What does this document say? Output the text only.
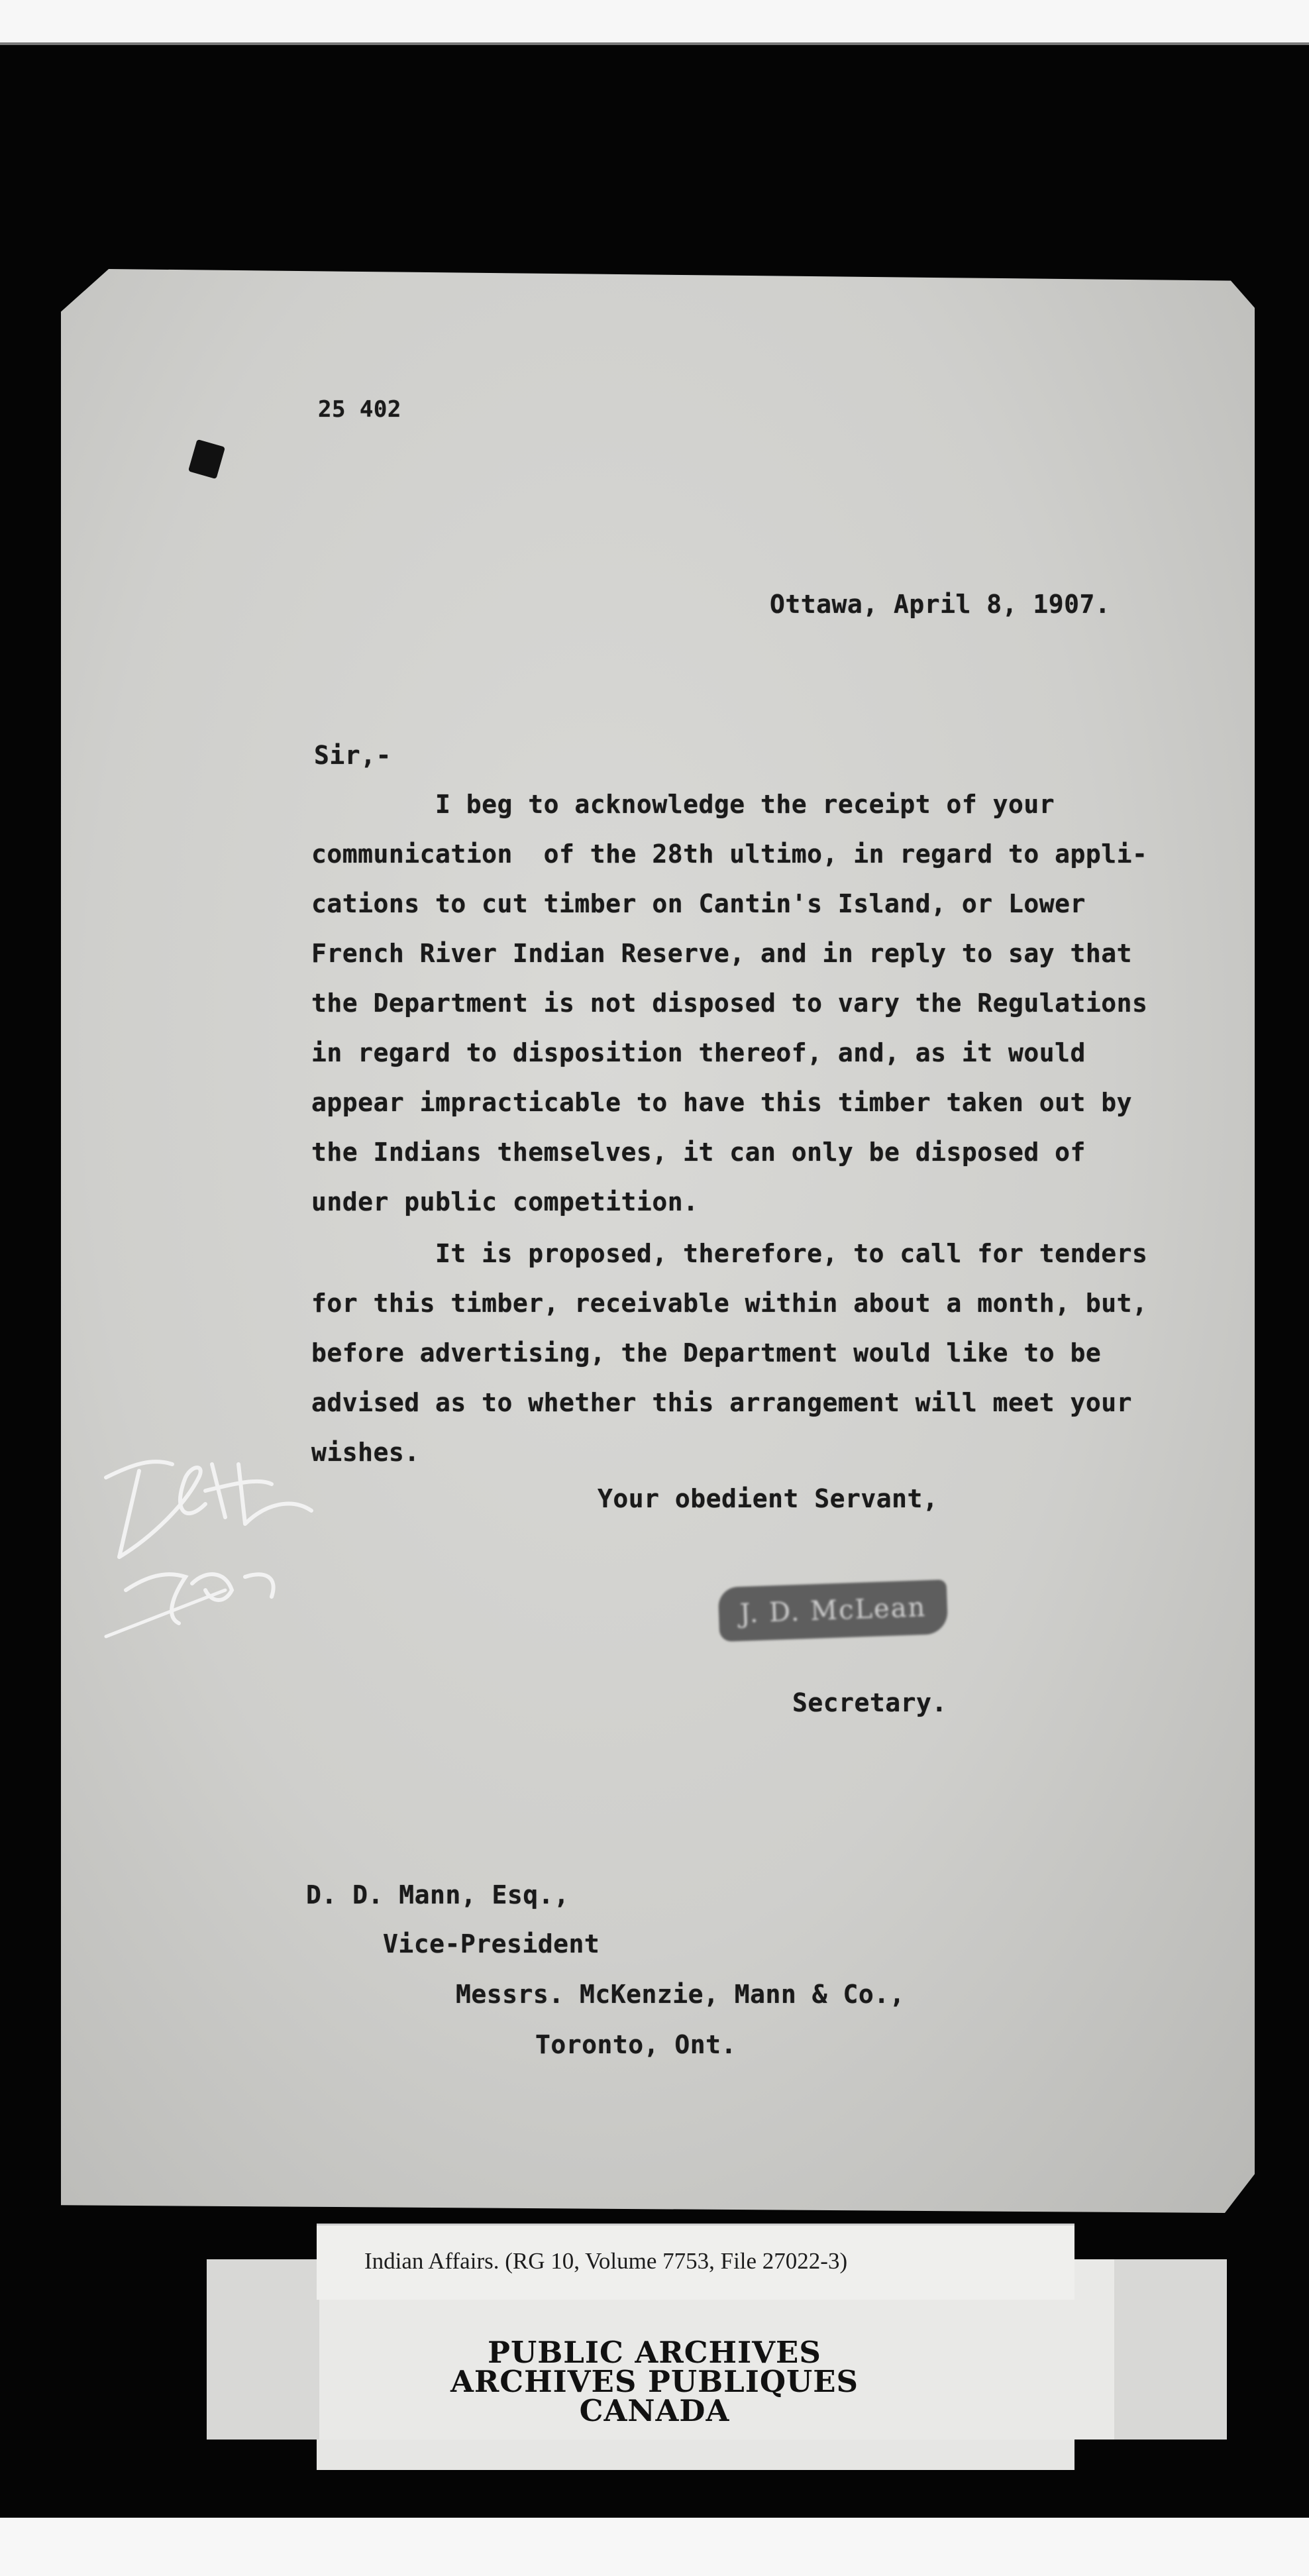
25 402
Ottawa, April 8, 1907.
Sir,-
I beg to acknowledge the receipt of your
communication  of the 28th ultimo, in regard to appli-
cations to cut timber on Cantin's Island, or Lower
French River Indian Reserve, and in reply to say that
the Department is not disposed to vary the Regulations
in regard to disposition thereof, and, as it would
appear impracticable to have this timber taken out by
the Indians themselves, it can only be disposed of
under public competition.
It is proposed, therefore, to call for tenders
for this timber, receivable within about a month, but,
before advertising, the Department would like to be
advised as to whether this arrangement will meet your
wishes.
Your obedient Servant,
J. D. McLean
Secretary.
D. D. Mann, Esq.,
Vice-President
Messrs. McKenzie, Mann & Co.,
Toronto, Ont.
Indian Affairs. (RG 10, Volume 7753, File 27022-3)
PUBLIC ARCHIVES
ARCHIVES PUBLIQUES
CANADA
